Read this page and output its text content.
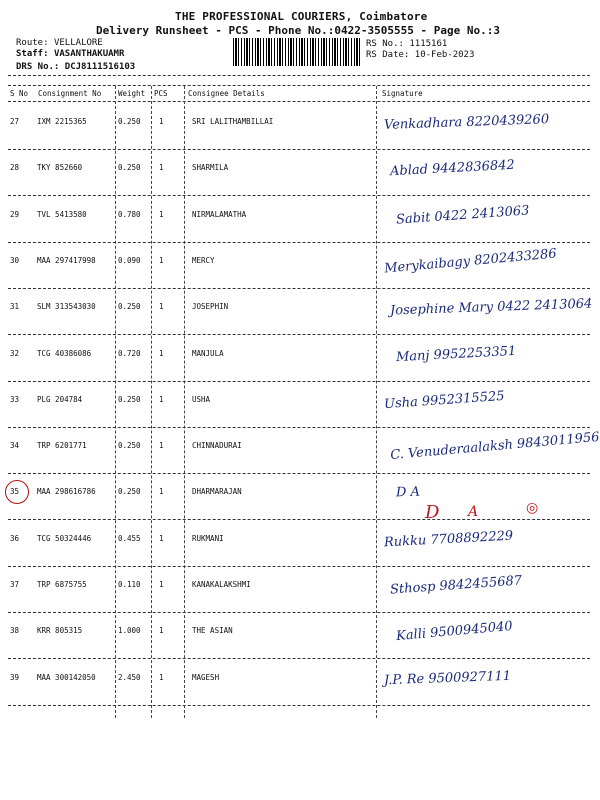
THE PROFESSIONAL COURIERS, Coimbatore
Delivery Runsheet - PCS - Phone No.:0422-3505555 - Page No.:3
Route: VELLALORE
Staff: VASANTHAKUAMR
DRS No.: DCJ8111516103
RS No.: 1115161
RS Date: 10-Feb-2023
S No Consignment No Weight PCS	Consignee Details	Signature
27 IXM 2215365	0.250 1	SRI LALITHAMBILLAI	Venkadhara 8220439260
28 TKY 852660	0.250 1	SHARMILA	Ablad 9442836842
29 TVL 5413580	0.780 1	NIRMALAMATHA	Sabit 0422 2413063
30 MAA 297417998	0.090 1	MERCY	Merykaibagy 8202433286
31 SLM 313543030	0.250 1	JOSEPHIN	Josephine Mary 0422 2413064
32 TCG 40386086	0.720 1	MANJULA	Manj 9952253351
33 PLG 204784	0.250 1	USHA	Usha 9952315525
34 TRP 6201771	0.250 1	CHINNADURAI	C. Venuderaalaksh 9843011956
35 MAA 298616786	0.250 1	DHARMARAJAN	D A
36 TCG 50324446	0.455 1	RUKMANI	Rukku 7708892229
37 TRP 6875755	0.110 1	KANAKALAKSHMI	Sthosp 9842455687
38 KRR 805315	1.000 1	THE ASIAN	Kalli 9500945040
39 MAA 300142050	2.450 1	MAGESH	J.P. Re 9500927111
D A	◎
